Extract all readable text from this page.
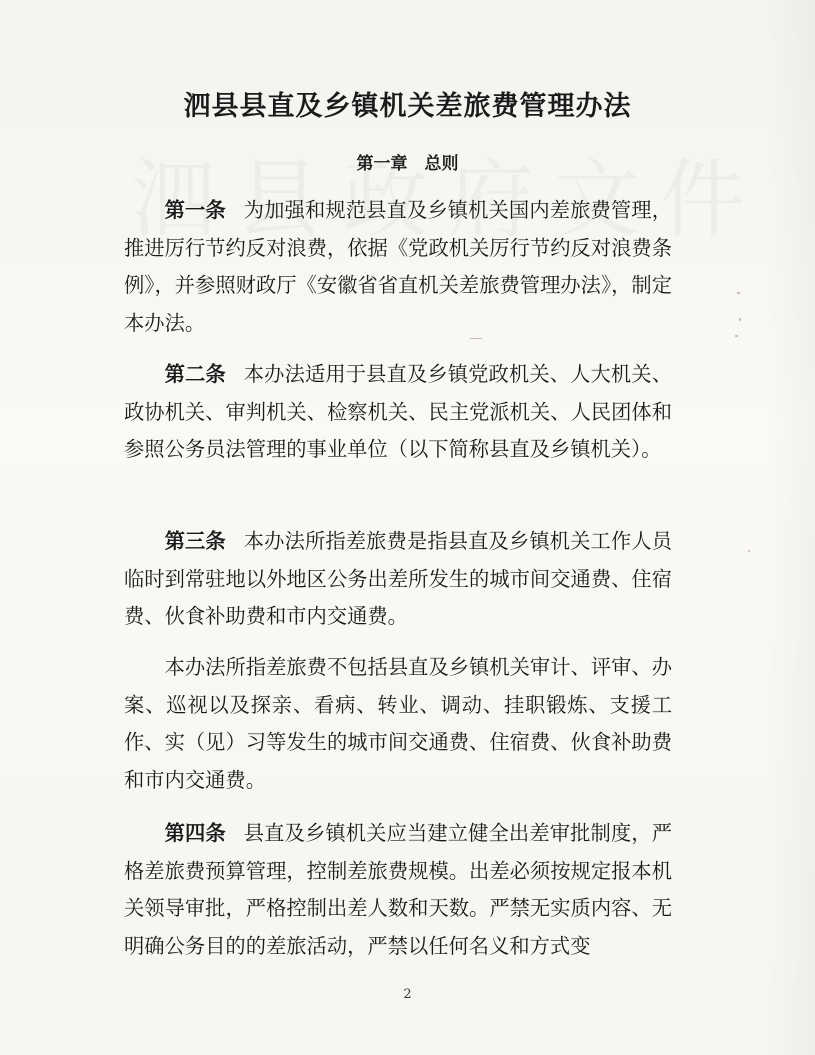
泗县县直及乡镇机关差旅费管理办法
第一章　总则

第一条 为加强和规范县直及乡镇机关国内差旅费管理，推进厉行节约反对浪费，依据《党政机关厉行节约反对浪费条例》，并参照财政厅《安徽省省直机关差旅费管理办法》，制定本办法。

第二条 本办法适用于县直及乡镇党政机关、人大机关、政协机关、审判机关、检察机关、民主党派机关、人民团体和参照公务员法管理的事业单位（以下简称县直及乡镇机关）。

第三条 本办法所指差旅费是指县直及乡镇机关工作人员临时到常驻地以外地区公务出差所发生的城市间交通费、住宿费、伙食补助费和市内交通费。

本办法所指差旅费不包括县直及乡镇机关审计、评审、办案、巡视以及探亲、看病、转业、调动、挂职锻炼、支援工作、实（见）习等发生的城市间交通费、住宿费、伙食补助费和市内交通费。

第四条 县直及乡镇机关应当建立健全出差审批制度，严格差旅费预算管理，控制差旅费规模。出差必须按规定报本机关领导审批，严格控制出差人数和天数。严禁无实质内容、无明确公务目的的差旅活动，严禁以任何名义和方式变

2
